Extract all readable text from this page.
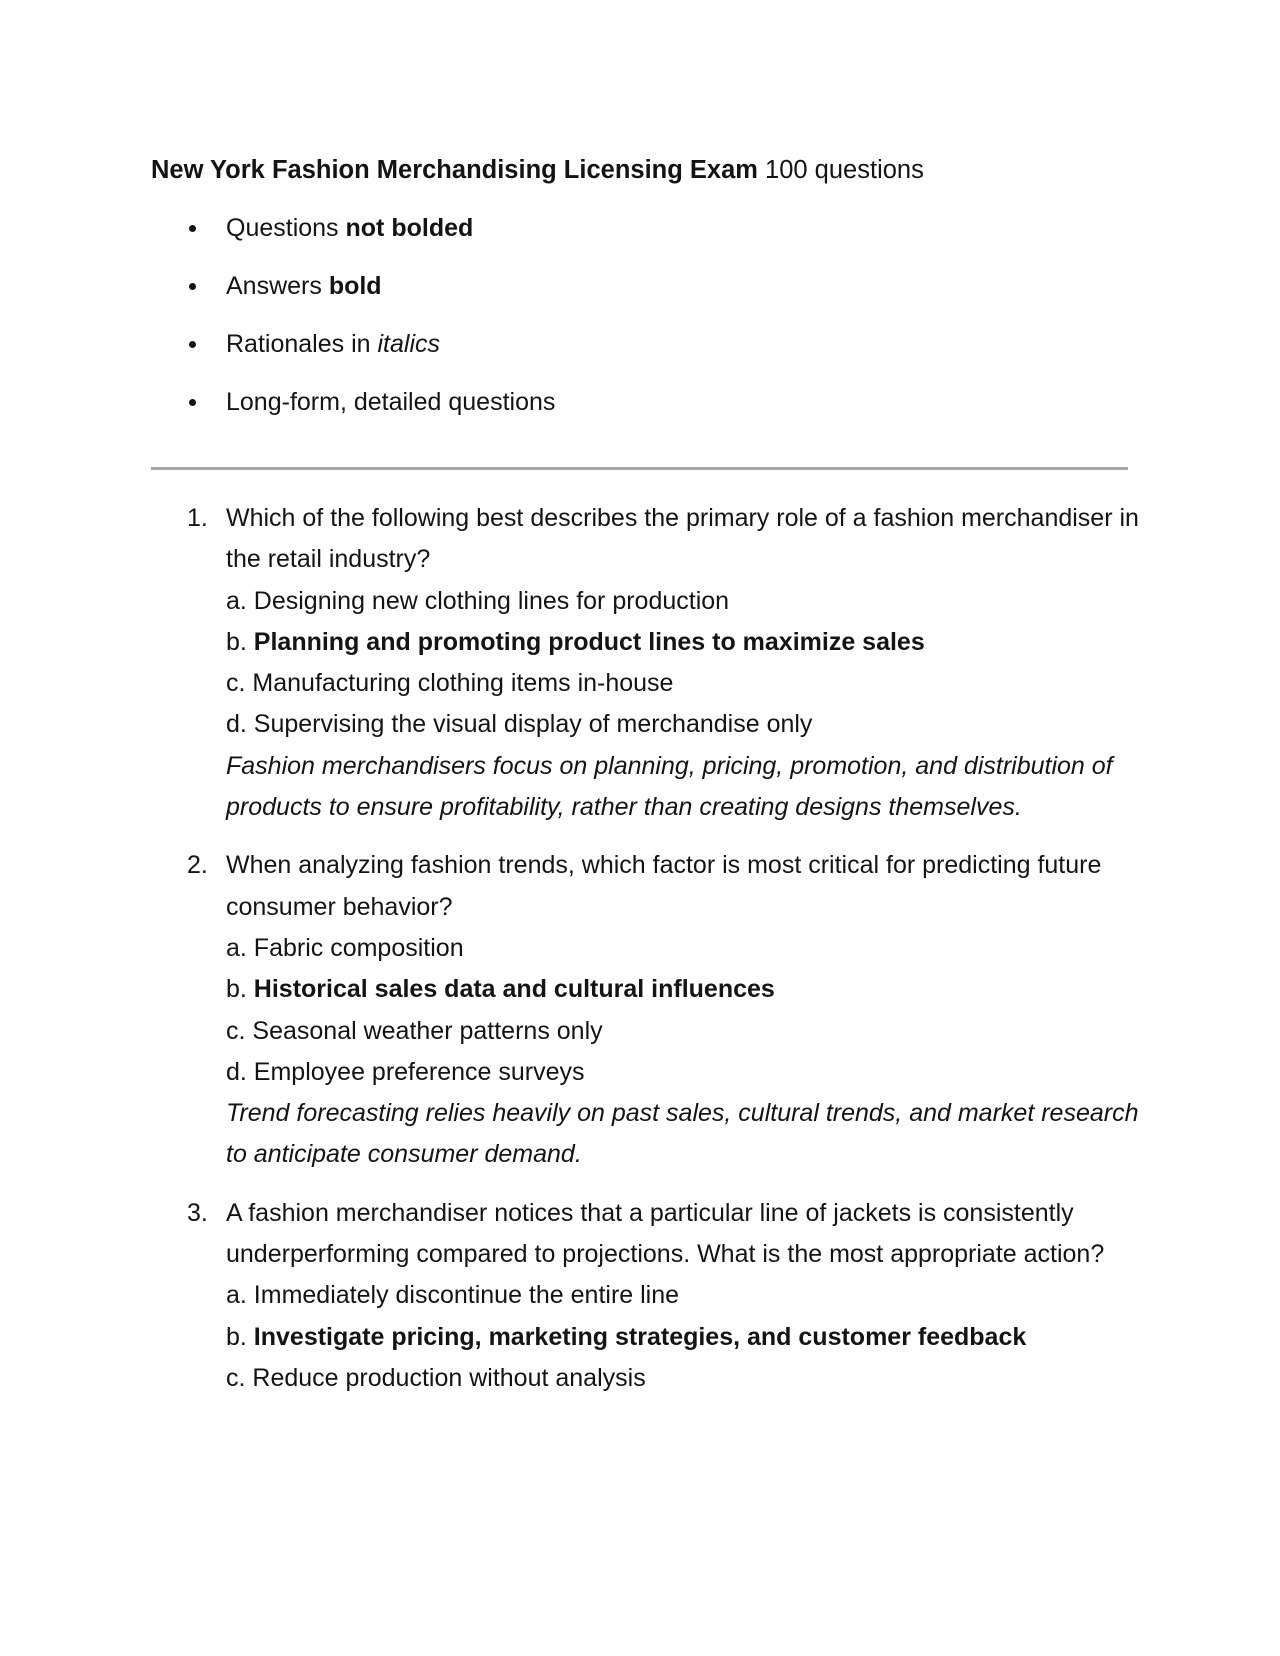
New York Fashion Merchandising Licensing Exam 100 questions
Questions not bolded
Answers bold
Rationales in italics
Long-form, detailed questions
1. Which of the following best describes the primary role of a fashion merchandiser in the retail industry?
a. Designing new clothing lines for production
b. Planning and promoting product lines to maximize sales
c. Manufacturing clothing items in-house
d. Supervising the visual display of merchandise only
Fashion merchandisers focus on planning, pricing, promotion, and distribution of products to ensure profitability, rather than creating designs themselves.
2. When analyzing fashion trends, which factor is most critical for predicting future consumer behavior?
a. Fabric composition
b. Historical sales data and cultural influences
c. Seasonal weather patterns only
d. Employee preference surveys
Trend forecasting relies heavily on past sales, cultural trends, and market research to anticipate consumer demand.
3. A fashion merchandiser notices that a particular line of jackets is consistently underperforming compared to projections. What is the most appropriate action?
a. Immediately discontinue the entire line
b. Investigate pricing, marketing strategies, and customer feedback
c. Reduce production without analysis
